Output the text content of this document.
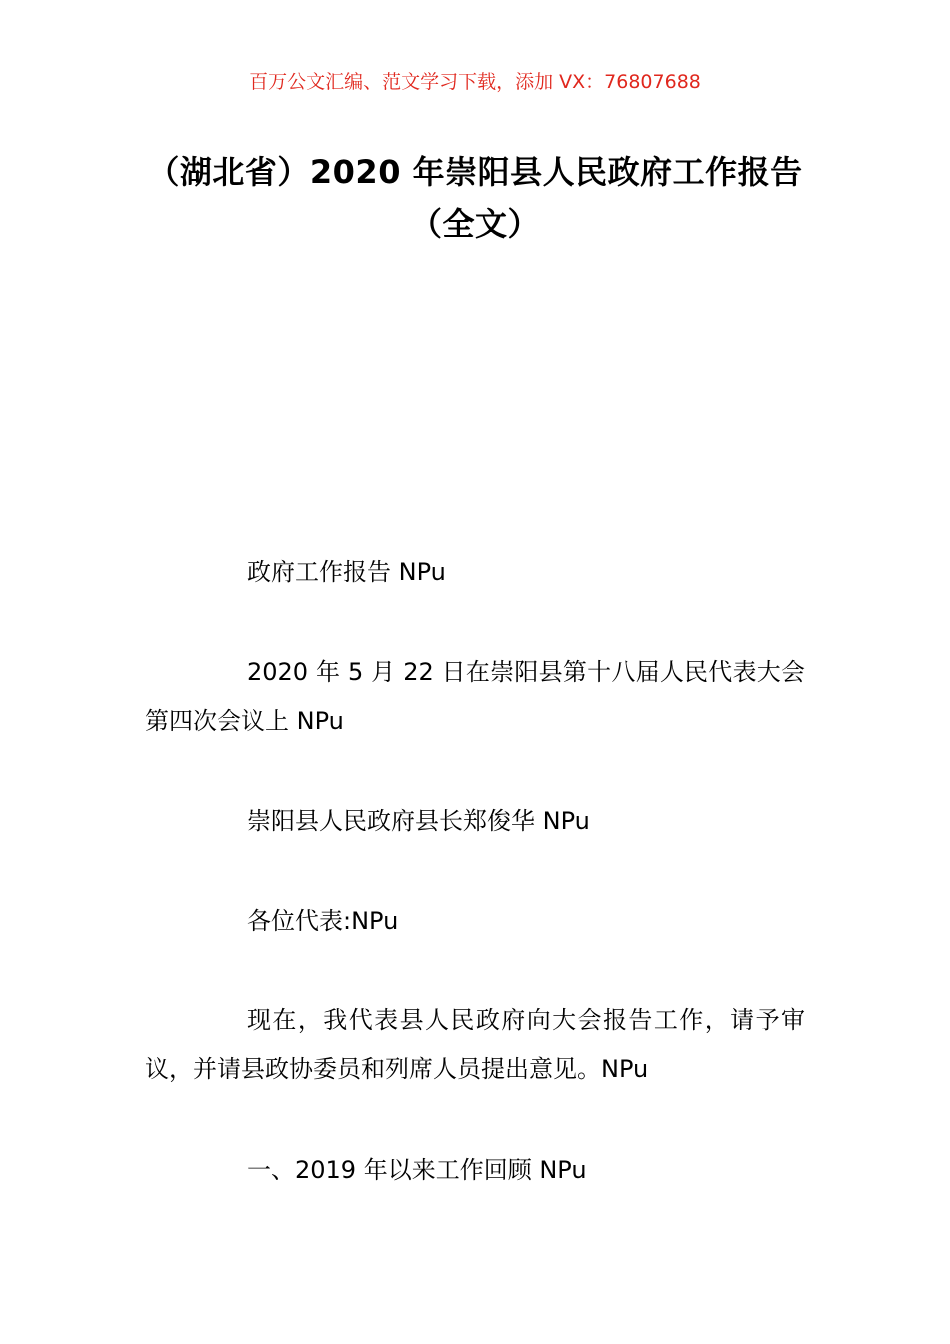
百万公文汇编、范文学习下载，添加 VX：76807688
（湖北省）2020 年崇阳县人民政府工作报告（全文）

政府工作报告 NPu

2020 年 5 月 22 日在崇阳县第十八届人民代表大会第四次会议上 NPu

崇阳县人民政府县长郑俊华 NPu

各位代表:NPu

现在，我代表县人民政府向大会报告工作，请予审议，并请县政协委员和列席人员提出意见。NPu

一、2019 年以来工作回顾 NPu
